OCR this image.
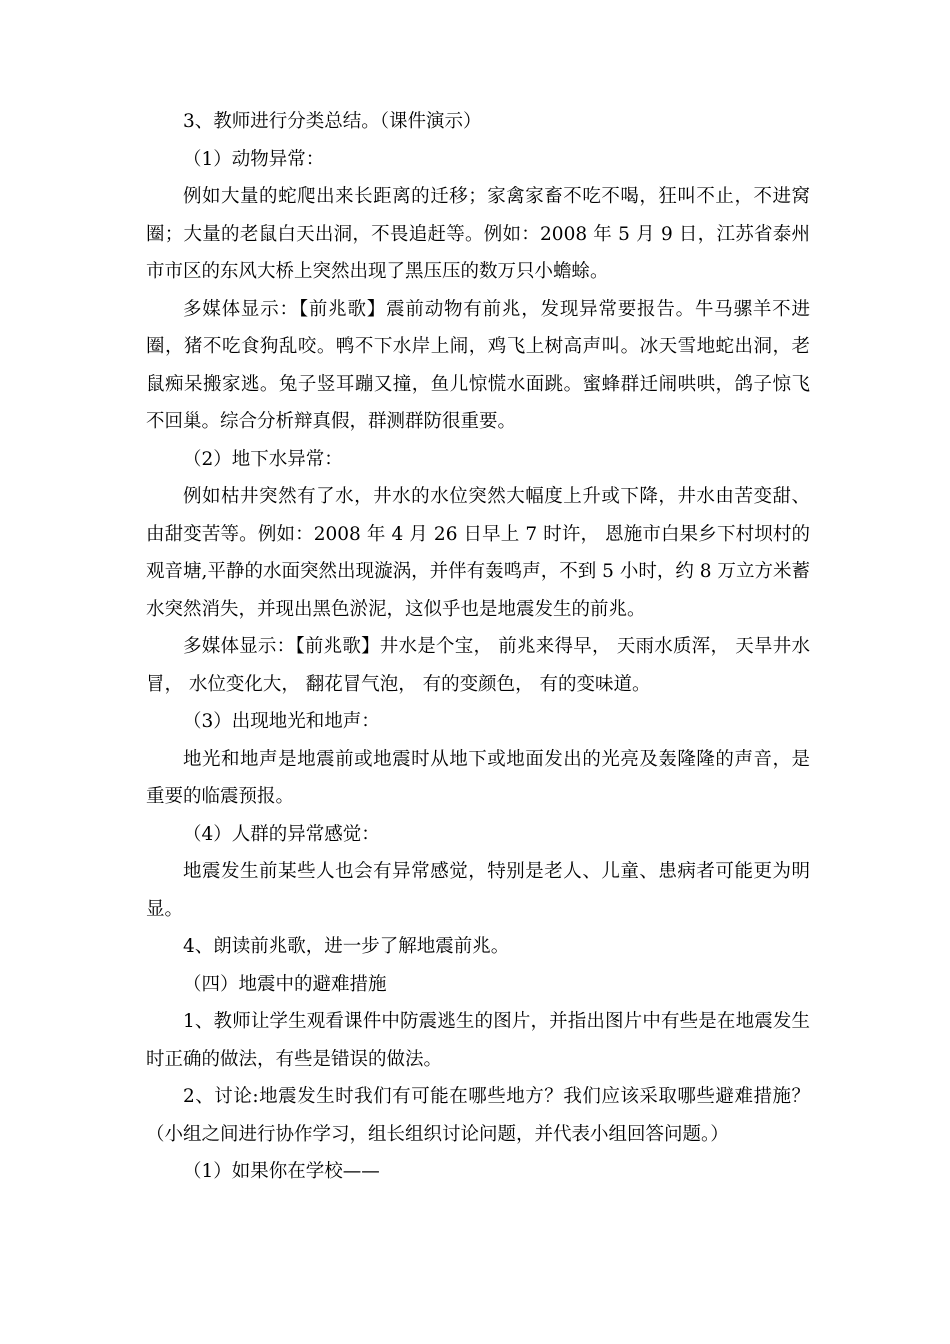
3、教师进行分类总结。（课件演示）

（1）动物异常：

例如大量的蛇爬出来长距离的迁移；家禽家畜不吃不喝，狂叫不止，不进窝圈；大量的老鼠白天出洞，不畏追赶等。例如：2008 年 5 月 9 日，江苏省泰州市市区的东风大桥上突然出现了黑压压的数万只小蟾蜍。

多媒体显示：【前兆歌】震前动物有前兆，发现异常要报告。牛马骡羊不进圈，猪不吃食狗乱咬。鸭不下水岸上闹，鸡飞上树高声叫。冰天雪地蛇出洞，老鼠痴呆搬家逃。兔子竖耳蹦又撞，鱼儿惊慌水面跳。蜜蜂群迁闹哄哄，鸽子惊飞不回巢。综合分析辩真假，群测群防很重要。

（2）地下水异常：

例如枯井突然有了水，井水的水位突然大幅度上升或下降，井水由苦变甜、由甜变苦等。例如：2008 年 4 月 26 日早上 7 时许， 恩施市白果乡下村坝村的观音塘,平静的水面突然出现漩涡，并伴有轰鸣声，不到 5 小时，约 8 万立方米蓄水突然消失，并现出黑色淤泥，这似乎也是地震发生的前兆。

多媒体显示：【前兆歌】井水是个宝， 前兆来得早， 天雨水质浑， 天旱井水冒， 水位变化大， 翻花冒气泡， 有的变颜色， 有的变味道。

（3）出现地光和地声：

地光和地声是地震前或地震时从地下或地面发出的光亮及轰隆隆的声音，是重要的临震预报。

（4）人群的异常感觉：

地震发生前某些人也会有异常感觉，特别是老人、儿童、患病者可能更为明显。

4、朗读前兆歌，进一步了解地震前兆。

（四）地震中的避难措施

1、教师让学生观看课件中防震逃生的图片，并指出图片中有些是在地震发生时正确的做法，有些是错误的做法。

2、讨论:地震发生时我们有可能在哪些地方？我们应该采取哪些避难措施？（小组之间进行协作学习，组长组织讨论问题，并代表小组回答问题。）

（1）如果你在学校——
